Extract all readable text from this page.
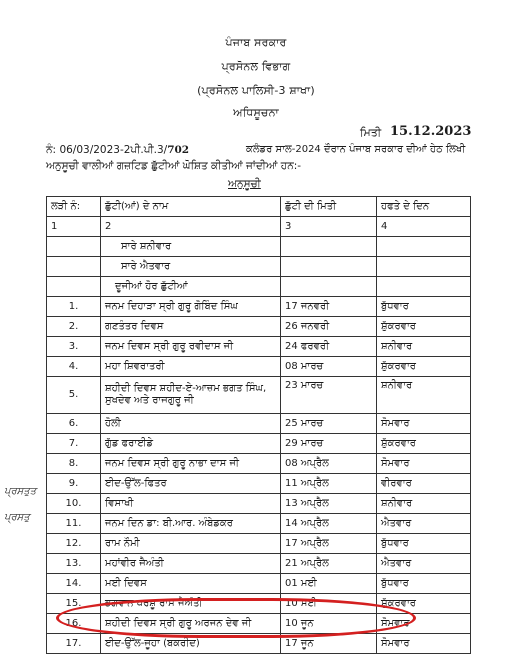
ਪੰਜਾਬ ਸਰਕਾਰ
ਪ੍ਰਸੋਨਲ ਵਿਭਾਗ
(ਪ੍ਰਸੋਨਲ ਪਾਲਿਸੀ-3 ਸ਼ਾਖਾ)
ਅਧਿਸੂਚਨਾ
ਮਿਤੀ 15.12.2023
ਨੰ: 06/03/2023-2ਪੀ.ਪੀ.3/702	ਕਲੰਡਰ ਸਾਲ-2024 ਦੌਰਾਨ ਪੰਜਾਬ ਸਰਕਾਰ ਦੀਆਂ ਹੇਠ ਲਿਖੀ
ਅਨੁਸੂਚੀ ਵਾਲੀਆਂ ਗਜ਼ਟਿਡ ਛੁੱਟੀਆਂ ਘੋਸ਼ਿਤ ਕੀਤੀਆਂ ਜਾਂਦੀਆਂ ਹਨ:-
ਅਨੁਸੂਚੀ
ਲੜੀ ਨੰ:	ਛੁੱਟੀ(ਆਂ) ਦੇ ਨਾਮ	ਛੁੱਟੀ ਦੀ ਮਿਤੀ	ਹਫਤੇ ਦੇ ਦਿਨ
1	2	3	4
	ਸਾਰੇ ਸ਼ਨੀਵਾਰ		
	ਸਾਰੇ ਐਤਵਾਰ		
	ਦੂਜੀਆਂ ਹੋਰ ਛੁੱਟੀਆਂ		
1.	ਜਨਮ ਦਿਹਾੜਾ ਸ੍ਰੀ ਗੁਰੂ ਗੋਬਿੰਦ ਸਿੰਘ	17 ਜਨਵਰੀ	ਬੁੱਧਵਾਰ
2.	ਗਣਤੰਤਰ ਦਿਵਸ	26 ਜਨਵਰੀ	ਸ਼ੁੱਕਰਵਾਰ
3.	ਜਨਮ ਦਿਵਸ ਸ੍ਰੀ ਗੁਰੂ ਰਵੀਦਾਸ ਜੀ	24 ਫਰਵਰੀ	ਸ਼ਨੀਵਾਰ
4.	ਮਹਾ ਸ਼ਿਵਰਾਤਰੀ	08 ਮਾਰਚ	ਸ਼ੁੱਕਰਵਾਰ
5.	ਸ਼ਹੀਦੀ ਦਿਵਸ ਸ਼ਹੀਦ-ਏ-ਆਜ਼ਮ ਭਗਤ ਸਿੰਘ, ਸੁਖਦੇਵ ਅਤੇ ਰਾਜਗੁਰੂ ਜੀ	23 ਮਾਰਚ	ਸ਼ਨੀਵਾਰ
6.	ਹੋਲੀ	25 ਮਾਰਚ	ਸੋਮਵਾਰ
7.	ਗੁੱਡ ਫਰਾਈਡੇ	29 ਮਾਰਚ	ਸ਼ੁੱਕਰਵਾਰ
8.	ਜਨਮ ਦਿਵਸ ਸ੍ਰੀ ਗੁਰੂ ਨਾਭਾ ਦਾਸ ਜੀ	08 ਅਪ੍ਰੈਲ	ਸੋਮਵਾਰ
9.	ਈਦ-ਉੱਲ-ਫਿਤਰ	11 ਅਪ੍ਰੈਲ	ਵੀਰਵਾਰ
10.	ਵਿਸਾਖੀ	13 ਅਪ੍ਰੈਲ	ਸ਼ਨੀਵਾਰ
11.	ਜਨਮ ਦਿਨ ਡਾ: ਬੀ.ਆਰ. ਅੰਬੇਡਕਰ	14 ਅਪ੍ਰੈਲ	ਐਤਵਾਰ
12.	ਰਾਮ ਨੌਮੀ	17 ਅਪ੍ਰੈਲ	ਬੁੱਧਵਾਰ
13.	ਮਹਾਂਵੀਰ ਜੈਅੰਤੀ	21 ਅਪ੍ਰੈਲ	ਐਤਵਾਰ
14.	ਮਈ ਦਿਵਸ	01 ਮਈ	ਬੁੱਧਵਾਰ
15.	ਭਗਵਾਨ ਪਰਸ਼ੂ ਰਾਮ ਜੈਅੰਤੀ	10 ਮਈ	ਸ਼ੁੱਕਰਵਾਰ
16.	ਸ਼ਹੀਦੀ ਦਿਵਸ ਸ੍ਰੀ ਗੁਰੂ ਅਰਜਨ ਦੇਵ ਜੀ	10 ਜੂਨ	ਸੋਮਵਾਰ
17.	ਈਦ-ਉੱਲ-ਜੂਹਾ (ਬਕਰੀਦ)	17 ਜੂਨ	ਸੋਮਵਾਰ
ਪ੍ਰਸਤੁਤ
ਪ੍ਰਸਤੁ
